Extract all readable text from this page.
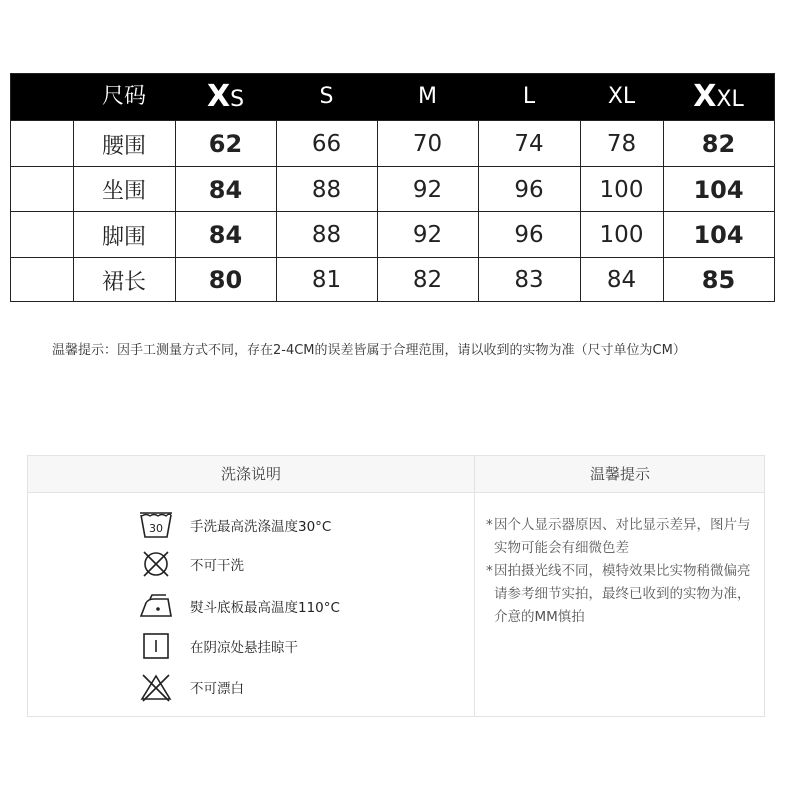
尺码	XS	S	M	L	XL	XXL
腰围	62	66	70	74	78	82
坐围	84	88	92	96	100	104
脚围	84	88	92	96	100	104
裙长	80	81	82	83	84	85
温馨提示：因手工测量方式不同，存在2-4CM的误差皆属于合理范围，请以收到的实物为准（尺寸单位为CM）
洗涤说明	温馨提示
30 手洗最高洗涤温度30°C
不可干洗
熨斗底板最高温度110°C
在阴凉处悬挂晾干
不可漂白
* 因个人显示器原因、对比显示差异，图片与实物可能会有细微色差
* 因拍摄光线不同，模特效果比实物稍微偏亮请参考细节实拍，最终已收到的实物为准，介意的MM慎拍
